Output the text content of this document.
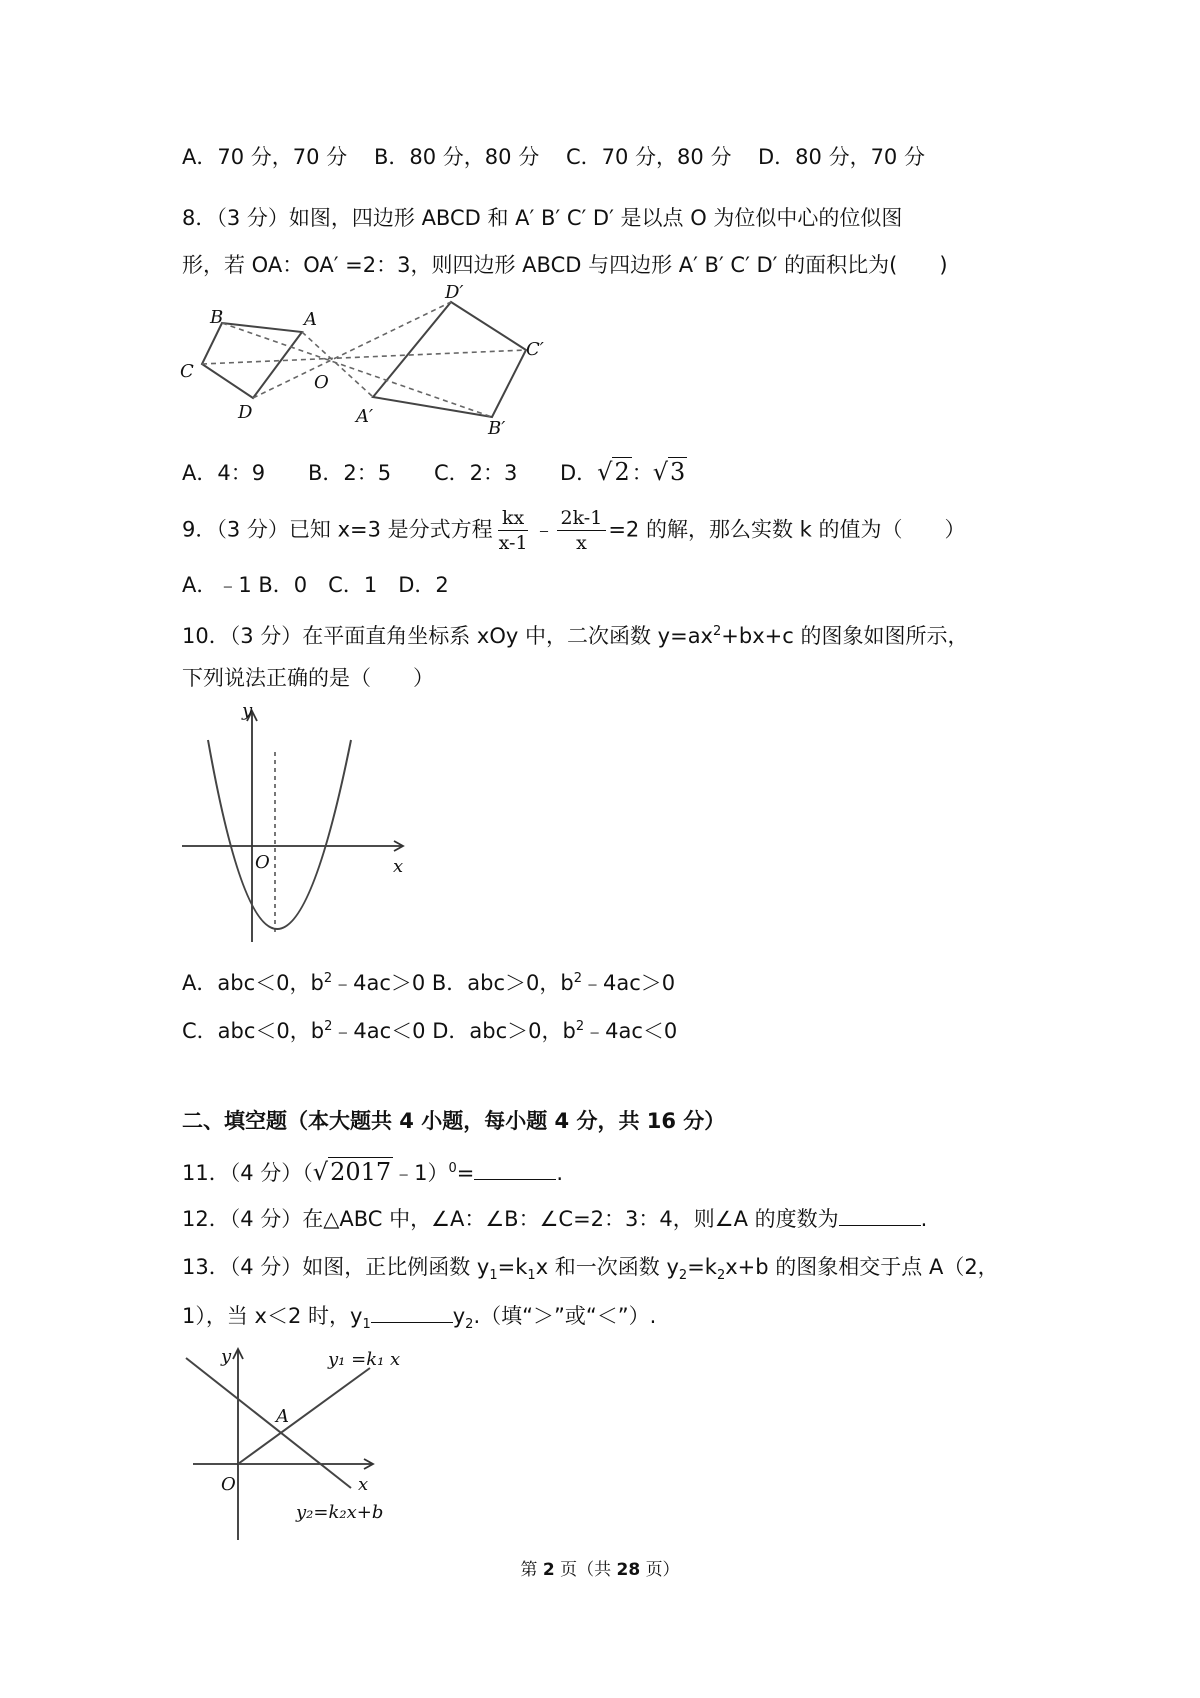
A．70 分，70 分 B．80 分，80 分 C．70 分，80 分 D．80 分，70 分
8．（3 分）如图，四边形 ABCD 和 A′ B′ C′ D′ 是以点 O 为位似中心的位似图
形，若 OA：OA′ =2：3，则四边形 ABCD 与四边形 A′ B′ C′ D′ 的面积比为(　　)
B	A
C
D
O
D′
C′
A′
B′
A．4：9 B．2：5 C．2：3 D．√2：√3
9．（3 分）已知 x=3 是分式方程 $\frac{kx}{x-1}$ ﹣ $\frac{2k-1}{x} =2$ 的解，那么实数 k 的值为（　　）
A．﹣1 B．0　C．1　D．2
10．（3 分）在平面直角坐标系 xOy 中，二次函数 $y=ax^2+bx+c$ 的图象如图所示，
下列说法正确的是（　　）
y
x
O
A．abc＜0，$b^2﹣4ac>0$ B．abc＞0，$b^2﹣4ac>0$
C．abc＜0，$b^2﹣4ac<0$ D．abc＞0，$b^2﹣4ac<0$
二、填空题（本大题共 4 小题，每小题 4 分，共 16 分）
11．（4 分）（√2017﹣1）$^0$=	.
12．（4 分）在△ABC 中，∠A：∠B：∠C=2：3：4，则∠A 的度数为	.
13．（4 分）如图，正比例函数 $y_1=k_1x$ 和一次函数 $y_2=k_2x+b$ 的图象相交于点 A（2，
1），当 x＜2 时，$y_1$	$y_2$.（填“＞”或“＜”）.
y
x
O
A
y₁ =k₁ x
y₂=k₂x+b
第 2 页（共 28 页）
